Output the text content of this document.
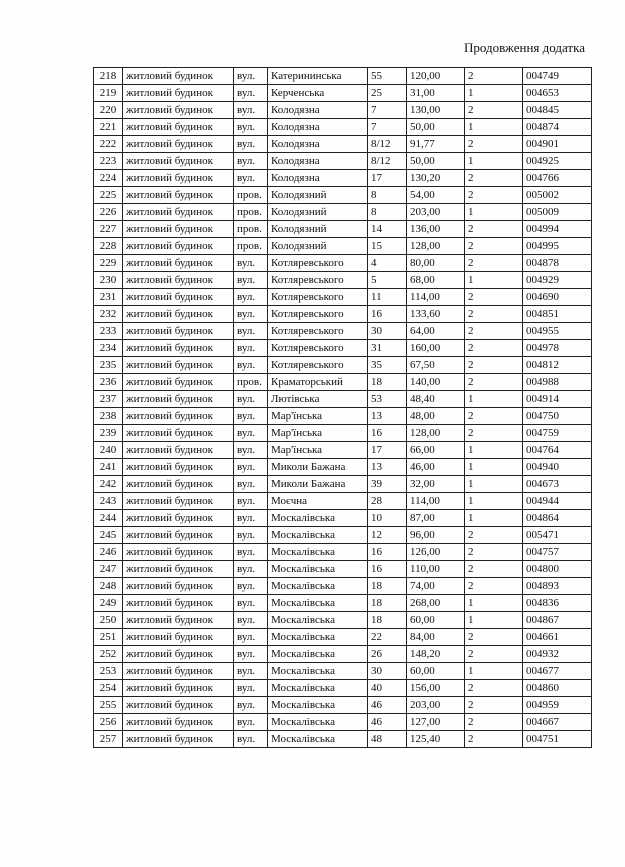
Продовження додатка
218	житловий будинок	вул.	Катерининська	55	120,00	2	004749
219	житловий будинок	вул.	Керченська	25	31,00	1	004653
220	житловий будинок	вул.	Колодязна	7	130,00	2	004845
221	житловий будинок	вул.	Колодязна	7	50,00	1	004874
222	житловий будинок	вул.	Колодязна	8/12	91,77	2	004901
223	житловий будинок	вул.	Колодязна	8/12	50,00	1	004925
224	житловий будинок	вул.	Колодязна	17	130,20	2	004766
225	житловий будинок	пров.	Колодязний	8	54,00	2	005002
226	житловий будинок	пров.	Колодязний	8	203,00	1	005009
227	житловий будинок	пров.	Колодязний	14	136,00	2	004994
228	житловий будинок	пров.	Колодязний	15	128,00	2	004995
229	житловий будинок	вул.	Котляревського	4	80,00	2	004878
230	житловий будинок	вул.	Котляревського	5	68,00	1	004929
231	житловий будинок	вул.	Котляревського	11	114,00	2	004690
232	житловий будинок	вул.	Котляревського	16	133,60	2	004851
233	житловий будинок	вул.	Котляревського	30	64,00	2	004955
234	житловий будинок	вул.	Котляревського	31	160,00	2	004978
235	житловий будинок	вул.	Котляревського	35	67,50	2	004812
236	житловий будинок	пров.	Краматорський	18	140,00	2	004988
237	житловий будинок	вул.	Лютівська	53	48,40	1	004914
238	житловий будинок	вул.	Мар'їнська	13	48,00	2	004750
239	житловий будинок	вул.	Мар'їнська	16	128,00	2	004759
240	житловий будинок	вул.	Мар'їнська	17	66,00	1	004764
241	житловий будинок	вул.	Миколи Бажана	13	46,00	1	004940
242	житловий будинок	вул.	Миколи Бажана	39	32,00	1	004673
243	житловий будинок	вул.	Моєчна	28	114,00	1	004944
244	житловий будинок	вул.	Москалівська	10	87,00	1	004864
245	житловий будинок	вул.	Москалівська	12	96,00	2	005471
246	житловий будинок	вул.	Москалівська	16	126,00	2	004757
247	житловий будинок	вул.	Москалівська	16	110,00	2	004800
248	житловий будинок	вул.	Москалівська	18	74,00	2	004893
249	житловий будинок	вул.	Москалівська	18	268,00	1	004836
250	житловий будинок	вул.	Москалівська	18	60,00	1	004867
251	житловий будинок	вул.	Москалівська	22	84,00	2	004661
252	житловий будинок	вул.	Москалівська	26	148,20	2	004932
253	житловий будинок	вул.	Москалівська	30	60,00	1	004677
254	житловий будинок	вул.	Москалівська	40	156,00	2	004860
255	житловий будинок	вул.	Москалівська	46	203,00	2	004959
256	житловий будинок	вул.	Москалівська	46	127,00	2	004667
257	житловий будинок	вул.	Москалівська	48	125,40	2	004751
